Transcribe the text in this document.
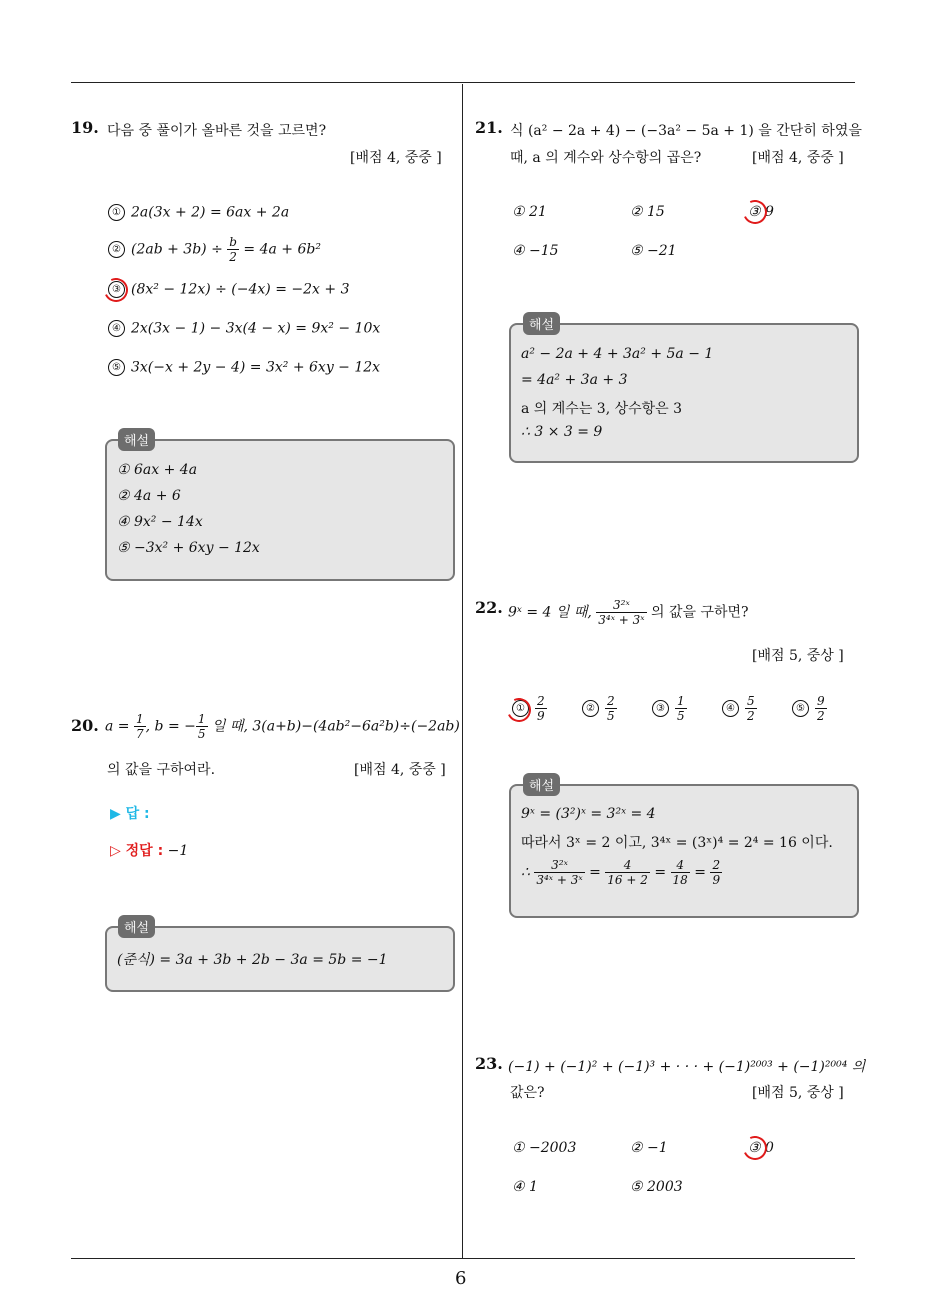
19. 다음 중 풀이가 올바른 것을 고르면?
[배점 4, 중중 ]
① 2a(3x + 2) = 6ax + 2a
② $(2ab + 3b) \div \frac{b}{2} = 4a + 6b^2$
③ (8x² − 12x) ÷ (−4x) = −2x + 3
④ 2x(3x − 1) − 3x(4 − x) = 9x² − 10x
⑤ 3x(−x + 2y − 4) = 3x² + 6xy − 12x
해설
① 6ax + 4a
② 4a + 6
④ 9x² − 14x
⑤ −3x² + 6xy − 12x
20. $a = \frac{1}{7}$ , b = − $\frac{1}{5}$ 일 때, 3(a+b)−(4ab²−6a²b)÷(−2ab)
의 값을 구하여라.	[배점 4, 중중 ]
▶ 답 :
▷ 정답 : −1
해설
(준식) = 3a + 3b + 2b − 3a = 5b = −1
21. 식 (a² − 2a + 4) − (−3a² − 5a + 1) 을 간단히 하였을
때, a 의 계수와 상수항의 곱은?	[배점 4, 중중 ]
① 21	② 15	③ 9
④ −15	⑤ −21
해설
a² − 2a + 4 + 3a² + 5a − 1
= 4a² + 3a + 3
a 의 계수는 3, 상수항은 3
∴ 3 × 3 = 9
22. 9ˣ = 4 일 때, $\frac{\text{3²ˣ}}{\text{3⁴ˣ + 3ˣ}}$ 의 값을 구하면?
[배점 5, 중상 ]
① $\frac{2}{9}$	② $\frac{2}{5}$	③ $\frac{1}{5}$	④ $\frac{5}{2}$	⑤ $\frac{9}{2}$
해설
9ˣ = (3²)ˣ = 3²ˣ = 4
따라서 3ˣ = 2 이고, 3⁴ˣ = (3ˣ)⁴ = 2⁴ = 16 이다.
∴ $\frac{\text{3²ˣ}}{\text{3⁴ˣ + 3ˣ}} = \frac{4}{16 + 2} = \frac{4}{18} = \frac{2}{9}$
23. (−1) + (−1)² + (−1)³ + · · · + (−1)²⁰⁰³ + (−1)²⁰⁰⁴ 의
값은?	[배점 5, 중상 ]
① −2003	② −1	③ 0
④ 1	⑤ 2003
6
